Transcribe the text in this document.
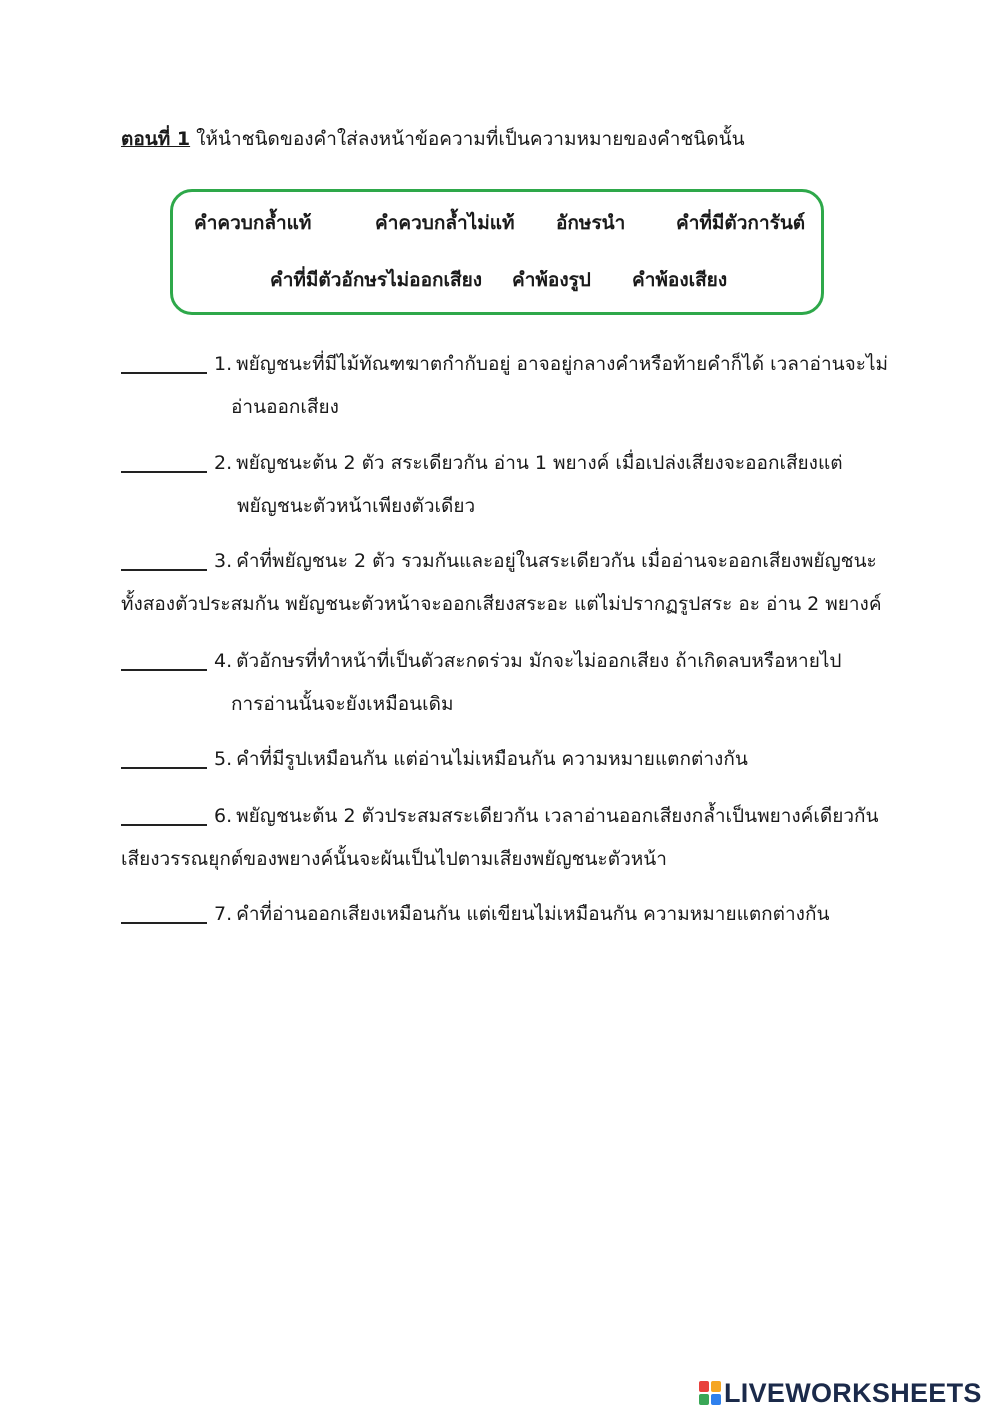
ตอนที่ 1 ให้นำชนิดของคำใส่ลงหน้าข้อความที่เป็นความหมายของคำชนิดนั้น
คำควบกล้ำแท้	คำควบกล้ำไม่แท้ อักษรนำ	คำที่มีตัวการันต์
คำที่มีตัวอักษรไม่ออกเสียง คำพ้องรูป คำพ้องเสียง
1. พยัญชนะที่มีไม้ทัณฑฆาตกำกับอยู่ อาจอยู่กลางคำหรือท้ายคำก็ได้ เวลาอ่านจะไม่
อ่านออกเสียง
2. พยัญชนะต้น 2 ตัว สระเดียวกัน อ่าน 1 พยางค์ เมื่อเปล่งเสียงจะออกเสียงแต่
พยัญชนะตัวหน้าเพียงตัวเดียว
3. คำที่พยัญชนะ 2 ตัว รวมกันและอยู่ในสระเดียวกัน เมื่ออ่านจะออกเสียงพยัญชนะ
ทั้งสองตัวประสมกัน พยัญชนะตัวหน้าจะออกเสียงสระอะ แต่ไม่ปรากฏรูปสระ อะ อ่าน 2 พยางค์
4. ตัวอักษรที่ทำหน้าที่เป็นตัวสะกดร่วม มักจะไม่ออกเสียง ถ้าเกิดลบหรือหายไป
การอ่านนั้นจะยังเหมือนเดิม
5. คำที่มีรูปเหมือนกัน แต่อ่านไม่เหมือนกัน ความหมายแตกต่างกัน
6. พยัญชนะต้น 2 ตัวประสมสระเดียวกัน เวลาอ่านออกเสียงกล้ำเป็นพยางค์เดียวกัน
เสียงวรรณยุกต์ของพยางค์นั้นจะผันเป็นไปตามเสียงพยัญชนะตัวหน้า
7. คำที่อ่านออกเสียงเหมือนกัน แต่เขียนไม่เหมือนกัน ความหมายแตกต่างกัน
LIVEWORKSHEETS
